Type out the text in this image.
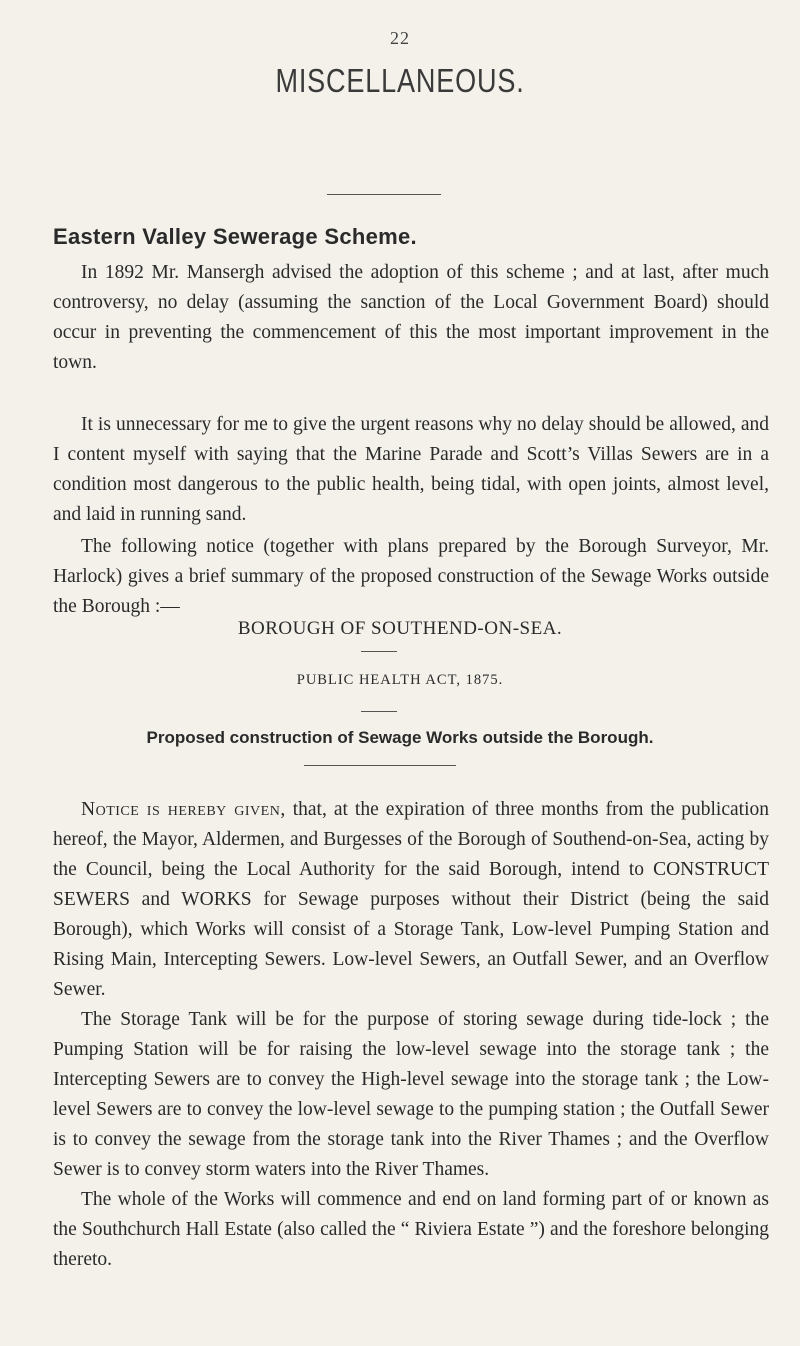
22
MISCELLANEOUS.
Eastern Valley Sewerage Scheme.

In 1892 Mr. Mansergh advised the adoption of this scheme ; and at last, after much controversy, no delay (assuming the sanction of the Local Government Board) should occur in preventing the commencement of this the most important improvement in the town.

It is unnecessary for me to give the urgent reasons why no delay should be allowed, and I content myself with saying that the Marine Parade and Scott’s Villas Sewers are in a condition most dangerous to the public health, being tidal, with open joints, almost level, and laid in running sand.

The following notice (together with plans prepared by the Borough Surveyor, Mr. Harlock) gives a brief summary of the proposed construction of the Sewage Works outside the Borough :—

BOROUGH OF SOUTHEND-ON-SEA.
PUBLIC HEALTH ACT, 1875.
Proposed construction of Sewage Works outside the Borough.

Notice is hereby given, that, at the expiration of three months from the publication hereof, the Mayor, Aldermen, and Burgesses of the Borough of Southend-on-Sea, acting by the Council, being the Local Authority for the said Borough, intend to CONSTRUCT SEWERS and WORKS for Sewage purposes without their District (being the said Borough), which Works will consist of a Storage Tank, Low-level Pumping Station and Rising Main, Intercepting Sewers. Low-level Sewers, an Outfall Sewer, and an Overflow Sewer.

The Storage Tank will be for the purpose of storing sewage during tide-lock ; the Pumping Station will be for raising the low-level sewage into the storage tank ; the Intercepting Sewers are to convey the High-level sewage into the storage tank ; the Low-level Sewers are to convey the low-level sewage to the pumping station ; the Outfall Sewer is to convey the sewage from the storage tank into the River Thames ; and the Overflow Sewer is to convey storm waters into the River Thames.

The whole of the Works will commence and end on land forming part of or known as the Southchurch Hall Estate (also called the “ Riviera Estate ”) and the foreshore belonging thereto.
